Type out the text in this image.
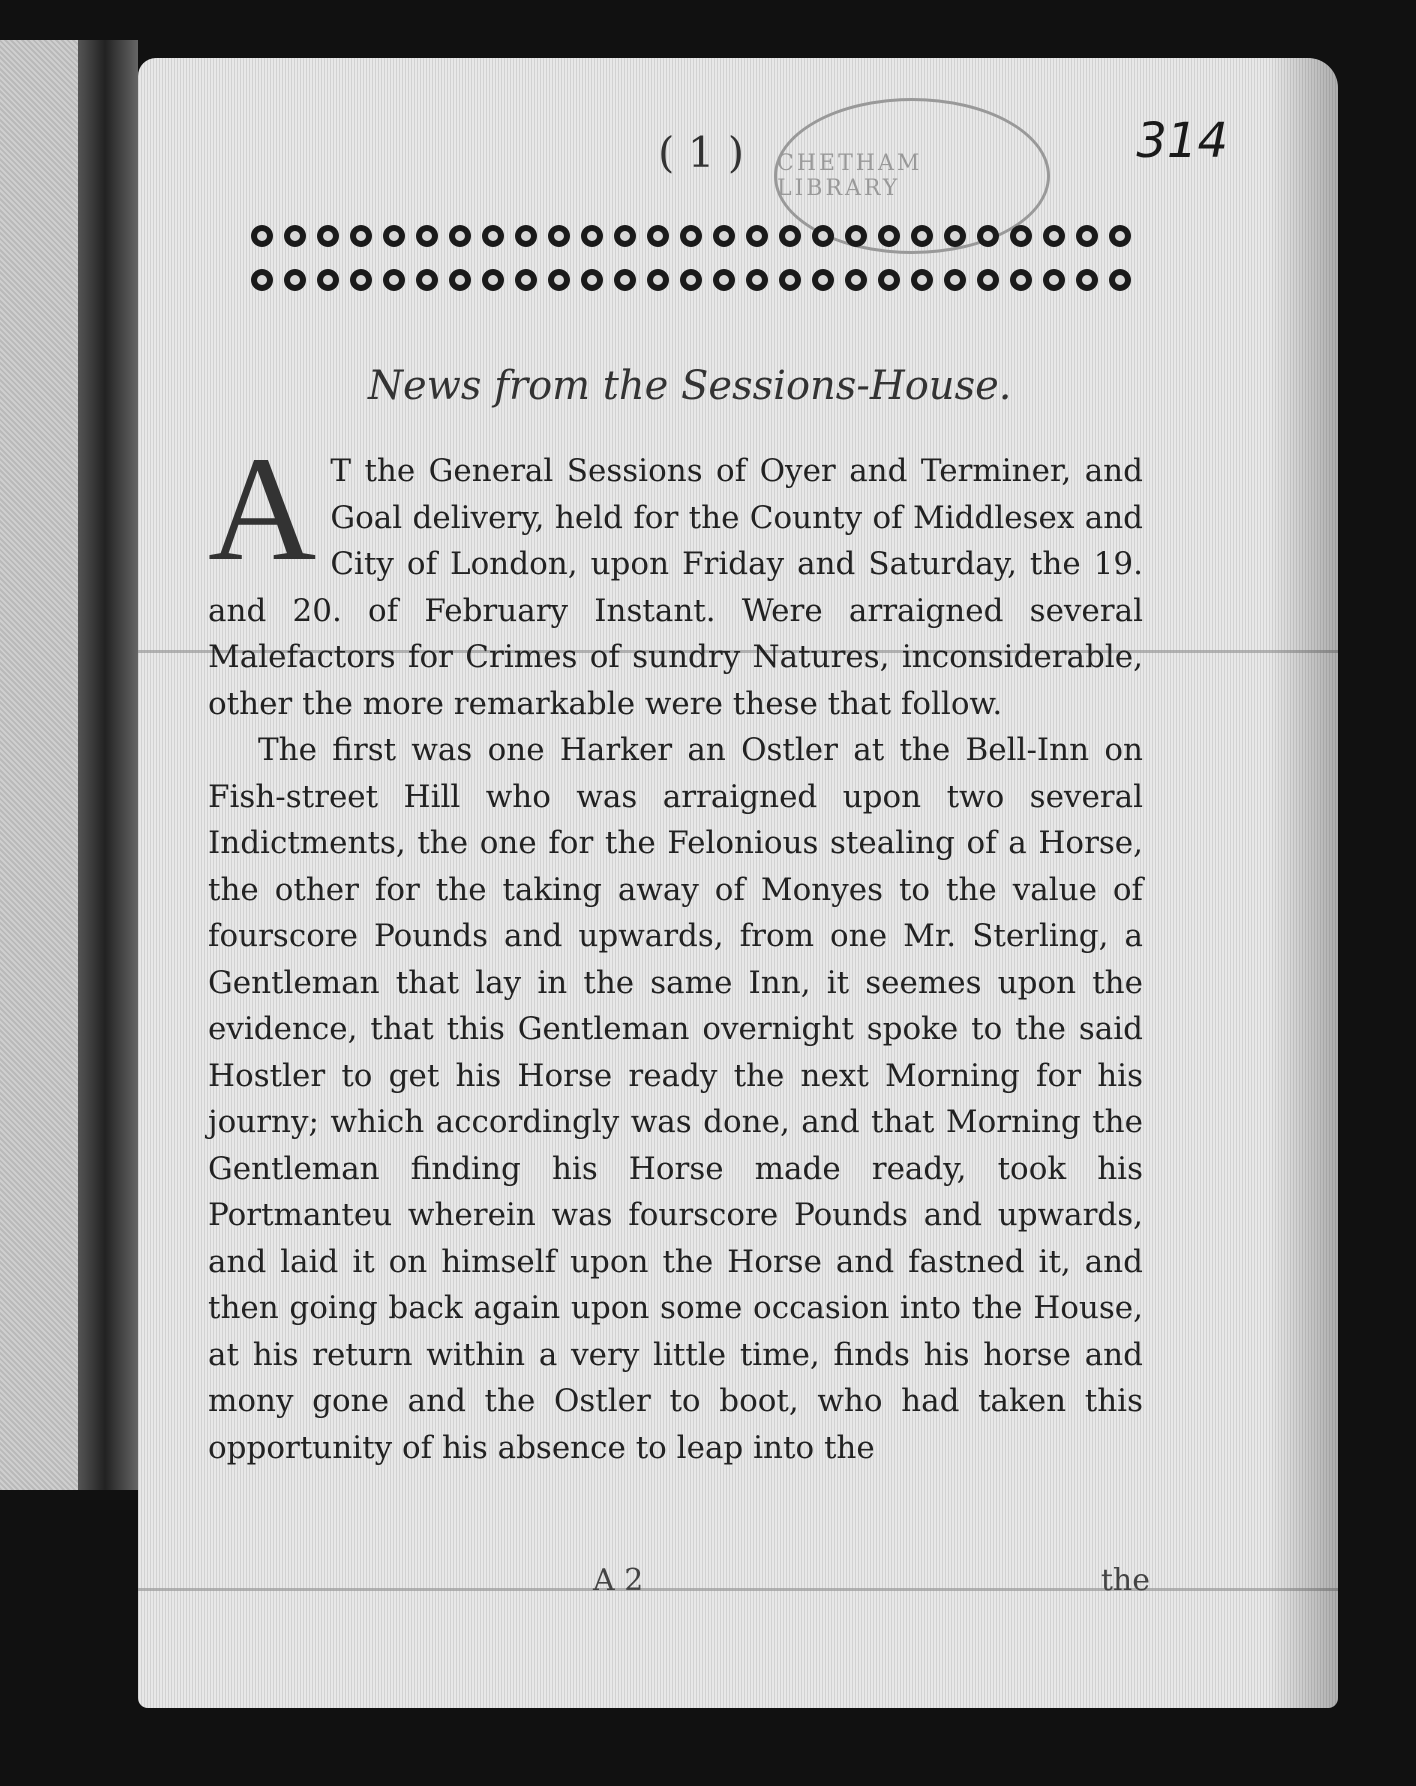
( 1 ) CHETHAM LIBRARY
314
News from the Sessions-House.

A T the General Sessions of Oyer and Terminer, and Goal delivery, held for the County of Middlesex and City of London, upon Friday and Saturday, the 19. and 20. of February Instant. Were arraigned several Malefactors for Crimes of sundry Natures, inconsiderable, other the more remarkable were these that follow.

The first was one Harker an Ostler at the Bell-Inn on Fish-street Hill who was arraigned upon two several Indictments, the one for the Felonious stealing of a Horse, the other for the taking away of Monyes to the value of fourscore Pounds and upwards, from one Mr. Sterling, a Gentleman that lay in the same Inn, it seemes upon the evidence, that this Gentleman overnight spoke to the said Hostler to get his Horse ready the next Morning for his journy; which accordingly was done, and that Morning the Gentleman finding his Horse made ready, took his Portmanteu wherein was fourscore Pounds and upwards, and laid it on himself upon the Horse and fastned it, and then going back again upon some occasion into the House, at his return within a very little time, finds his horse and mony gone and the Ostler to boot, who had taken this opportunity of his absence to leap into the

A 2	the
